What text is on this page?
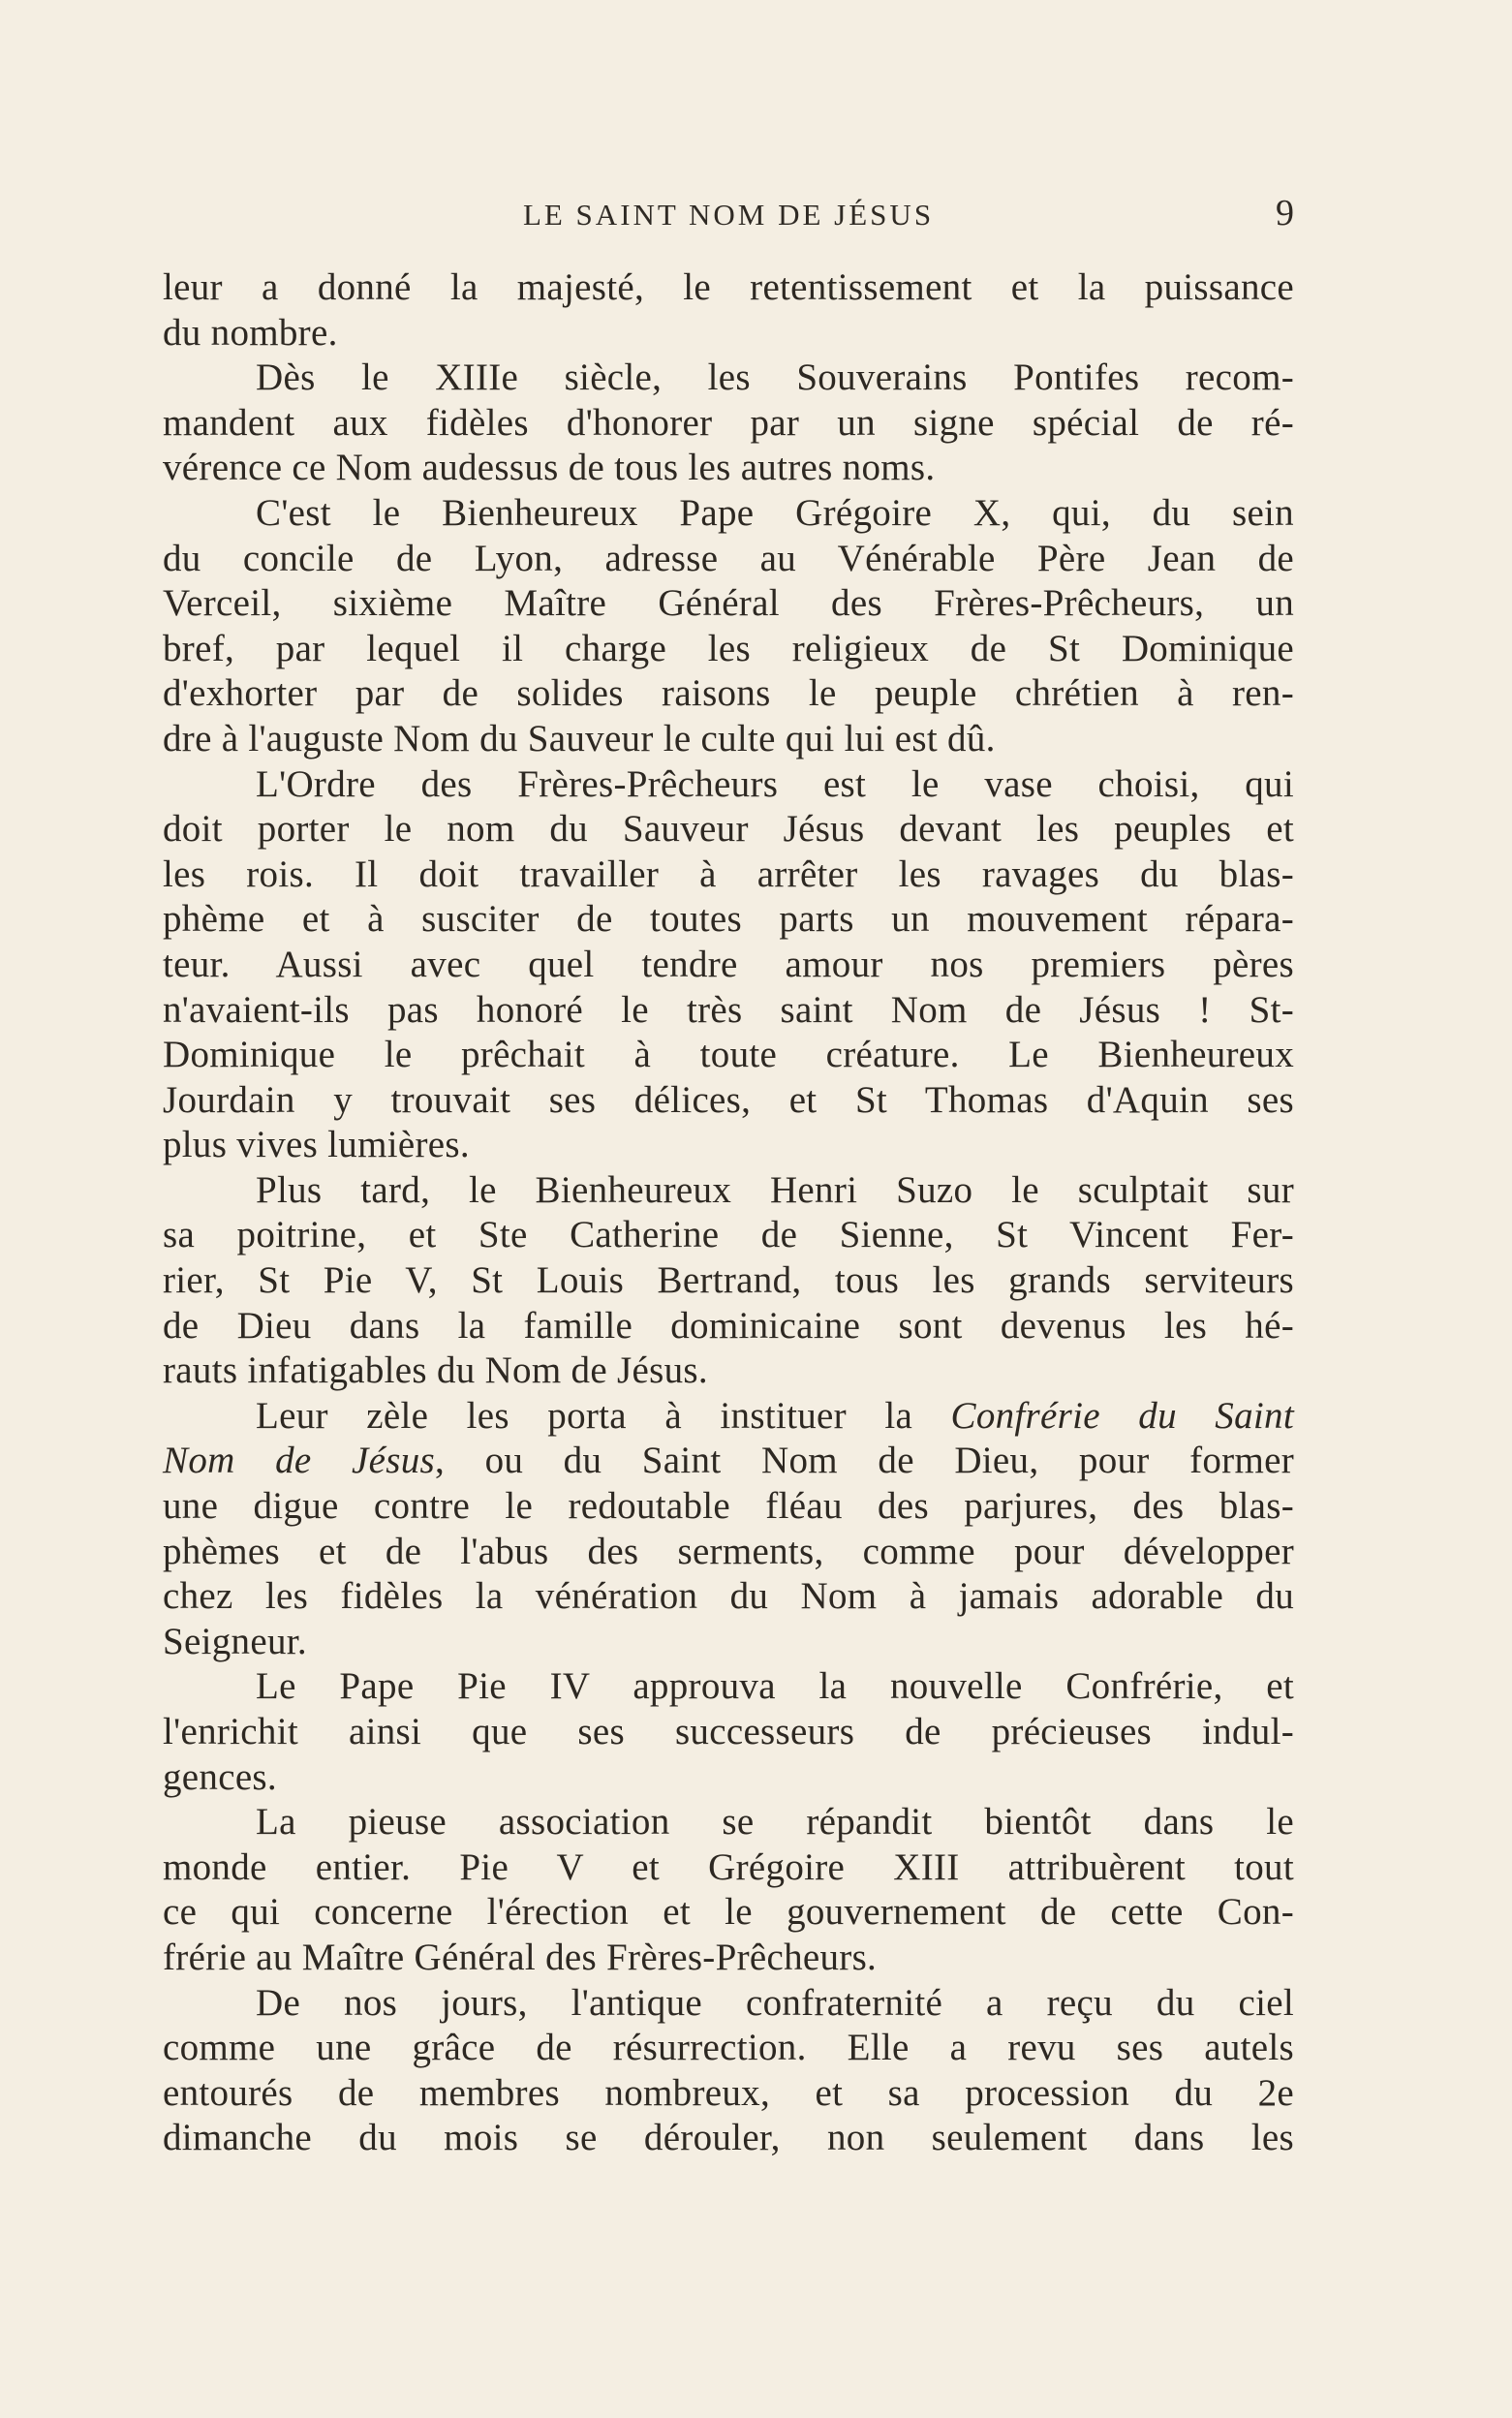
LE SAINT NOM DE JÉSUS	9
leur a donné la majesté, le retentissement et la puissance
du nombre.
Dès le XIIIe siècle, les Souverains Pontifes recom-
mandent aux fidèles d'honorer par un signe spécial de ré-
vérence ce Nom audessus de tous les autres noms.
C'est le Bienheureux Pape Grégoire X, qui, du sein
du concile de Lyon, adresse au Vénérable Père Jean de
Verceil, sixième Maître Général des Frères-Prêcheurs, un
bref, par lequel il charge les religieux de St Dominique
d'exhorter par de solides raisons le peuple chrétien à ren-
dre à l'auguste Nom du Sauveur le culte qui lui est dû.
L'Ordre des Frères-Prêcheurs est le vase choisi, qui
doit porter le nom du Sauveur Jésus devant les peuples et
les rois. Il doit travailler à arrêter les ravages du blas-
phème et à susciter de toutes parts un mouvement répara-
teur. Aussi avec quel tendre amour nos premiers pères
n'avaient-ils pas honoré le très saint Nom de Jésus ! St-
Dominique le prêchait à toute créature. Le Bienheureux
Jourdain y trouvait ses délices, et St Thomas d'Aquin ses
plus vives lumières.
Plus tard, le Bienheureux Henri Suzo le sculptait sur
sa poitrine, et Ste Catherine de Sienne, St Vincent Fer-
rier, St Pie V, St Louis Bertrand, tous les grands serviteurs
de Dieu dans la famille dominicaine sont devenus les hé-
rauts infatigables du Nom de Jésus.
Leur zèle les porta à instituer la Confrérie du Saint
Nom de Jésus, ou du Saint Nom de Dieu, pour former
une digue contre le redoutable fléau des parjures, des blas-
phèmes et de l'abus des serments, comme pour développer
chez les fidèles la vénération du Nom à jamais adorable du
Seigneur.
Le Pape Pie IV approuva la nouvelle Confrérie, et
l'enrichit ainsi que ses successeurs de précieuses indul-
gences.
La pieuse association se répandit bientôt dans le
monde entier. Pie V et Grégoire XIII attribuèrent tout
ce qui concerne l'érection et le gouvernement de cette Con-
frérie au Maître Général des Frères-Prêcheurs.
De nos jours, l'antique confraternité a reçu du ciel
comme une grâce de résurrection. Elle a revu ses autels
entourés de membres nombreux, et sa procession du 2e
dimanche du mois se dérouler, non seulement dans les
